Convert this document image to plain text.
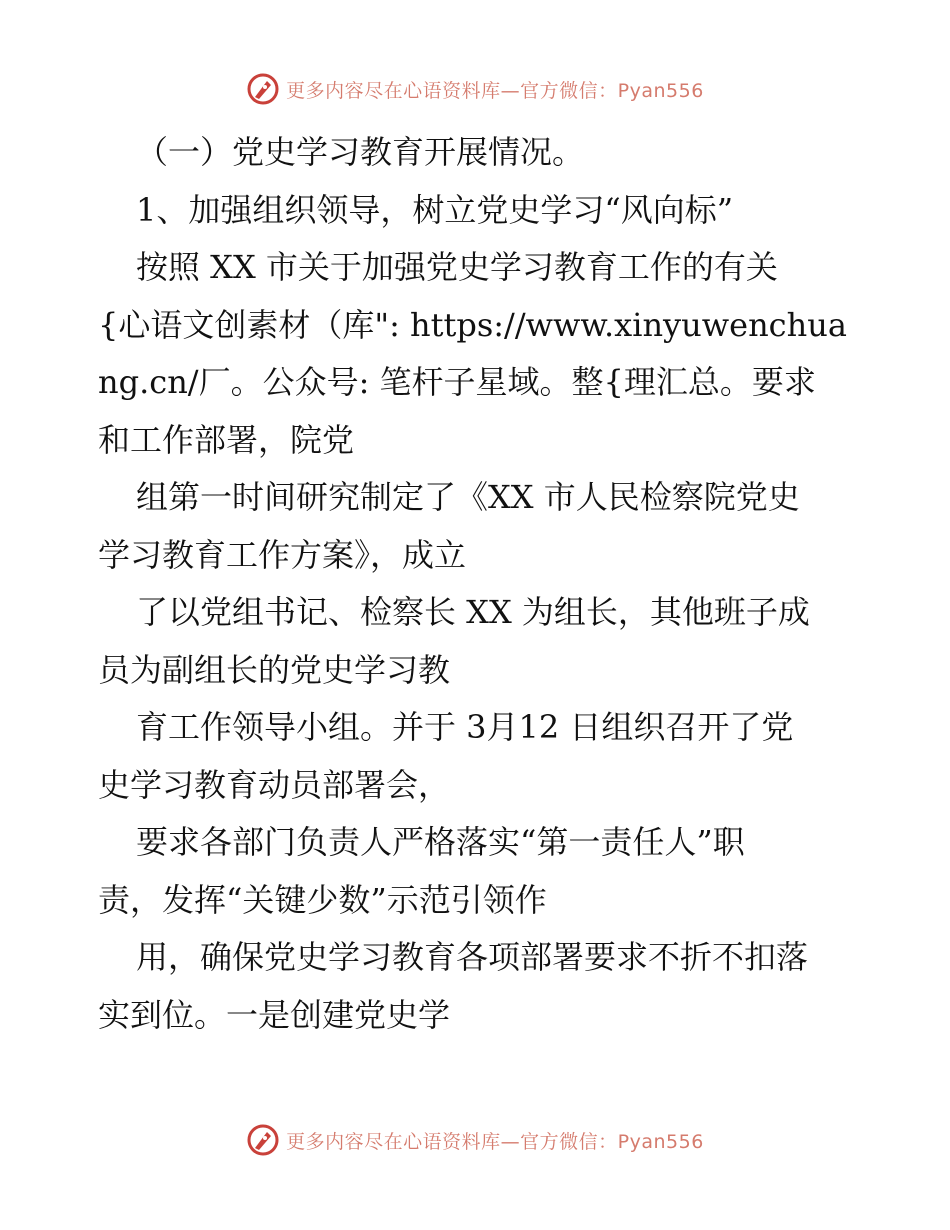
更多内容尽在心语资料库—官方微信：Pyan556
（一）党史学习教育开展情况。
1、加强组织领导，树立党史学习“风向标”
按照 XX 市关于加强党史学习教育工作的有关
{心语文创素材（库": https://www.xinyuwenchua
ng.cn/厂。公众号: 笔杆子星域。整{理汇总。要求
和工作部署，院党
组第一时间研究制定了《XX 市人民检察院党史
学习教育工作方案》，成立
了以党组书记、检察长 XX 为组长，其他班子成
员为副组长的党史学习教
育工作领导小组。并于 3月12 日组织召开了党
史学习教育动员部署会，
要求各部门负责人严格落实“第一责任人”职
责，发挥“关键少数”示范引领作
用，确保党史学习教育各项部署要求不折不扣落
实到位。一是创建党史学
更多内容尽在心语资料库—官方微信：Pyan556
